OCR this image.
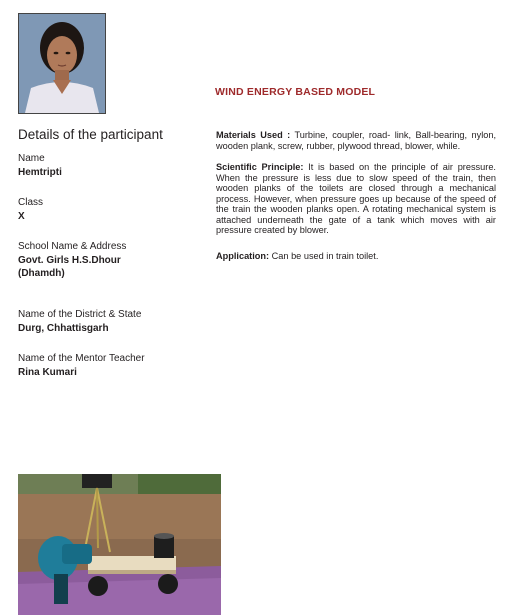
Details of the participant
Name
Hemtripti
Class
X
School Name & Address
Govt. Girls H.S.Dhour
(Dhamdh)
Name of the District & State
Durg, Chhattisgarh
Name of the Mentor Teacher
Rina Kumari
WIND ENERGY BASED MODEL
Materials Used : Turbine, coupler, road- link, Ball-bearing, nylon, wooden plank, screw, rubber, plywood thread, blower, while.
Scientific Principle: It is based on the principle of air pressure. When the pressure is less due to slow speed of the train, then wooden planks of the toilets are closed through a mechanical process. However, when pressure goes up because of the speed of the train the wooden planks open. A rotating mechanical system is attached underneath the gate of a tank which moves with air pressure created by blower.
Application: Can be used in train toilet.
